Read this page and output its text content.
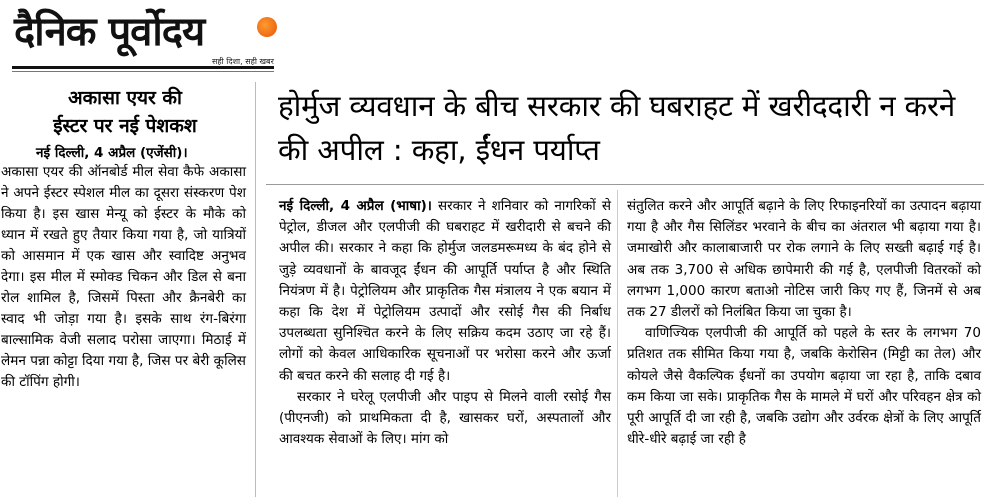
दैनिक पूर्वोदय
सही दिशा, सही खबर
अकासा एयर की
ईस्टर पर नई पेशकश
नई दिल्ली, 4 अप्रैल (एजेंसी)।
अकासा एयर की ऑनबोर्ड मील सेवा कैफे अकासा ने अपने ईस्टर स्पेशल मील का दूसरा संस्करण पेश किया है। इस खास मेन्यू को ईस्टर के मौके को ध्यान में रखते हुए तैयार किया गया है, जो यात्रियों को आसमान में एक खास और स्वादिष्ट अनुभव देगा। इस मील में स्मोक्ड चिकन और डिल से बना रोल शामिल है, जिसमें पिस्ता और क्रैनबेरी का स्वाद भी जोड़ा गया है। इसके साथ रंग-बिरंगा बाल्सामिक वेजी सलाद परोसा जाएगा। मिठाई में लेमन पन्ना कोट्टा दिया गया है, जिस पर बेरी कूलिस की टॉपिंग होगी।
होर्मुज व्यवधान के बीच सरकार की घबराहट में खरीददारी न करने की अपील : कहा, ईंधन पर्याप्त

नई दिल्ली, 4 अप्रैल (भाषा)। सरकार ने शनिवार को नागरिकों से पेट्रोल, डीजल और एलपीजी की घबराहट में खरीदारी से बचने की अपील की। सरकार ने कहा कि होर्मुज जलडमरूमध्य के बंद होने से जुड़े व्यवधानों के बावजूद ईंधन की आपूर्ति पर्याप्त है और स्थिति नियंत्रण में है। पेट्रोलियम और प्राकृतिक गैस मंत्रालय ने एक बयान में कहा कि देश में पेट्रोलियम उत्पादों और रसोई गैस की निर्बाध उपलब्धता सुनिश्चित करने के लिए सक्रिय कदम उठाए जा रहे हैं। लोगों को केवल आधिकारिक सूचनाओं पर भरोसा करने और ऊर्जा की बचत करने की सलाह दी गई है।

सरकार ने घरेलू एलपीजी और पाइप से मिलने वाली रसोई गैस (पीएनजी) को प्राथमिकता दी है, खासकर घरों, अस्पतालों और आवश्यक सेवाओं के लिए। मांग को

संतुलित करने और आपूर्ति बढ़ाने के लिए रिफाइनरियों का उत्पादन बढ़ाया गया है और गैस सिलिंडर भरवाने के बीच का अंतराल भी बढ़ाया गया है। जमाखोरी और कालाबाजारी पर रोक लगाने के लिए सख्ती बढ़ाई गई है। अब तक 3,700 से अधिक छापेमारी की गई है, एलपीजी वितरकों को लगभग 1,000 कारण बताओ नोटिस जारी किए गए हैं, जिनमें से अब तक 27 डीलरों को निलंबित किया जा चुका है।

वाणिज्यिक एलपीजी की आपूर्ति को पहले के स्तर के लगभग 70 प्रतिशत तक सीमित किया गया है, जबकि केरोसिन (मिट्टी का तेल) और कोयले जैसे वैकल्पिक ईंधनों का उपयोग बढ़ाया जा रहा है, ताकि दबाव कम किया जा सके। प्राकृतिक गैस के मामले में घरों और परिवहन क्षेत्र को पूरी आपूर्ति दी जा रही है, जबकि उद्योग और उर्वरक क्षेत्रों के लिए आपूर्ति धीरे-धीरे बढ़ाई जा रही है
